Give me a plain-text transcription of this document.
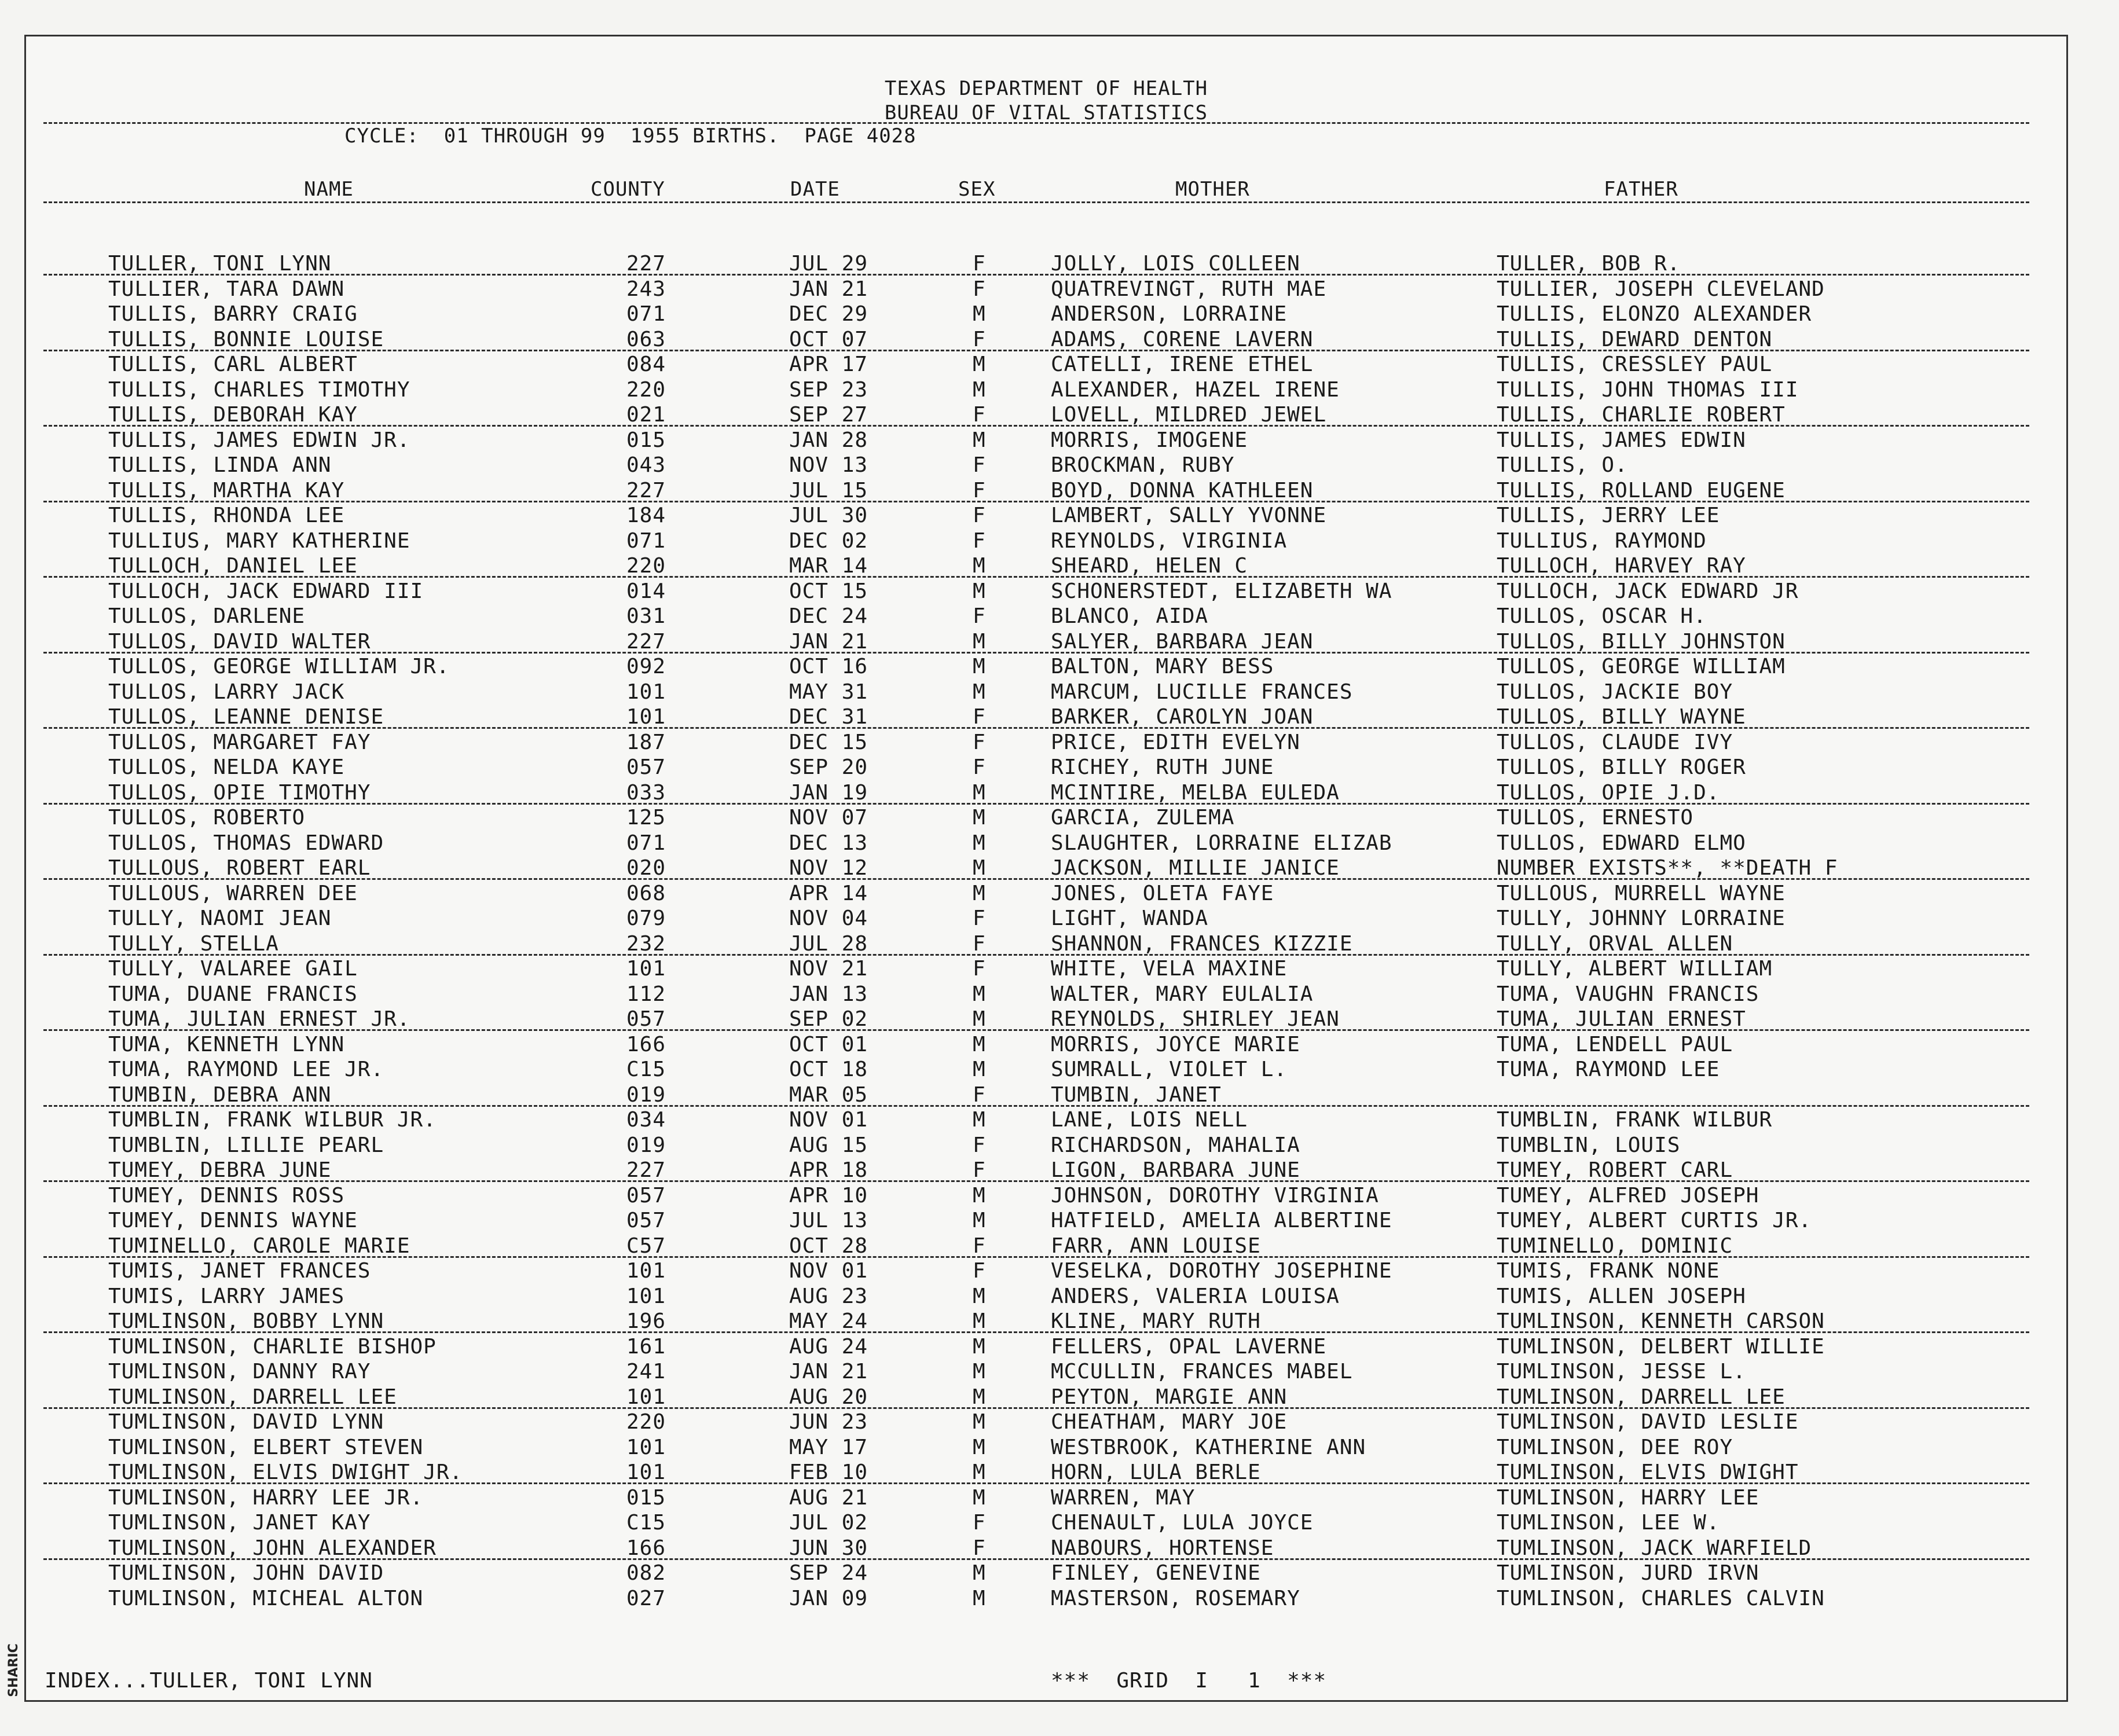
TEXAS DEPARTMENT OF HEALTH
BUREAU OF VITAL STATISTICS
CYCLE:  01 THROUGH 99  1955 BIRTHS.  PAGE 4028
NAME	COUNTY	DATE	SEX	MOTHER	FATHER
TULLER, TONI LYNN	227	JUL 29	F	JOLLY, LOIS COLLEEN	TULLER, BOB R.
TULLIER, TARA DAWN	243	JAN 21	F	QUATREVINGT, RUTH MAE	TULLIER, JOSEPH CLEVELAND
TULLIS, BARRY CRAIG	071	DEC 29	M	ANDERSON, LORRAINE	TULLIS, ELONZO ALEXANDER
TULLIS, BONNIE LOUISE	063	OCT 07	F	ADAMS, CORENE LAVERN	TULLIS, DEWARD DENTON
TULLIS, CARL ALBERT	084	APR 17	M	CATELLI, IRENE ETHEL	TULLIS, CRESSLEY PAUL
TULLIS, CHARLES TIMOTHY	220	SEP 23	M	ALEXANDER, HAZEL IRENE	TULLIS, JOHN THOMAS III
TULLIS, DEBORAH KAY	021	SEP 27	F	LOVELL, MILDRED JEWEL	TULLIS, CHARLIE ROBERT
TULLIS, JAMES EDWIN JR.	015	JAN 28	M	MORRIS, IMOGENE	TULLIS, JAMES EDWIN
TULLIS, LINDA ANN	043	NOV 13	F	BROCKMAN, RUBY	TULLIS, O.
TULLIS, MARTHA KAY	227	JUL 15	F	BOYD, DONNA KATHLEEN	TULLIS, ROLLAND EUGENE
TULLIS, RHONDA LEE	184	JUL 30	F	LAMBERT, SALLY YVONNE	TULLIS, JERRY LEE
TULLIUS, MARY KATHERINE	071	DEC 02	F	REYNOLDS, VIRGINIA	TULLIUS, RAYMOND
TULLOCH, DANIEL LEE	220	MAR 14	M	SHEARD, HELEN C	TULLOCH, HARVEY RAY
TULLOCH, JACK EDWARD III	014	OCT 15	M	SCHONERSTEDT, ELIZABETH WA	TULLOCH, JACK EDWARD JR
TULLOS, DARLENE	031	DEC 24	F	BLANCO, AIDA	TULLOS, OSCAR H.
TULLOS, DAVID WALTER	227	JAN 21	M	SALYER, BARBARA JEAN	TULLOS, BILLY JOHNSTON
TULLOS, GEORGE WILLIAM JR.	092	OCT 16	M	BALTON, MARY BESS	TULLOS, GEORGE WILLIAM
TULLOS, LARRY JACK	101	MAY 31	M	MARCUM, LUCILLE FRANCES	TULLOS, JACKIE BOY
TULLOS, LEANNE DENISE	101	DEC 31	F	BARKER, CAROLYN JOAN	TULLOS, BILLY WAYNE
TULLOS, MARGARET FAY	187	DEC 15	F	PRICE, EDITH EVELYN	TULLOS, CLAUDE IVY
TULLOS, NELDA KAYE	057	SEP 20	F	RICHEY, RUTH JUNE	TULLOS, BILLY ROGER
TULLOS, OPIE TIMOTHY	033	JAN 19	M	MCINTIRE, MELBA EULEDA	TULLOS, OPIE J.D.
TULLOS, ROBERTO	125	NOV 07	M	GARCIA, ZULEMA	TULLOS, ERNESTO
TULLOS, THOMAS EDWARD	071	DEC 13	M	SLAUGHTER, LORRAINE ELIZAB	TULLOS, EDWARD ELMO
TULLOUS, ROBERT EARL	020	NOV 12	M	JACKSON, MILLIE JANICE	NUMBER EXISTS**, **DEATH F
TULLOUS, WARREN DEE	068	APR 14	M	JONES, OLETA FAYE	TULLOUS, MURRELL WAYNE
TULLY, NAOMI JEAN	079	NOV 04	F	LIGHT, WANDA	TULLY, JOHNNY LORRAINE
TULLY, STELLA	232	JUL 28	F	SHANNON, FRANCES KIZZIE	TULLY, ORVAL ALLEN
TULLY, VALAREE GAIL	101	NOV 21	F	WHITE, VELA MAXINE	TULLY, ALBERT WILLIAM
TUMA, DUANE FRANCIS	112	JAN 13	M	WALTER, MARY EULALIA	TUMA, VAUGHN FRANCIS
TUMA, JULIAN ERNEST JR.	057	SEP 02	M	REYNOLDS, SHIRLEY JEAN	TUMA, JULIAN ERNEST
TUMA, KENNETH LYNN	166	OCT 01	M	MORRIS, JOYCE MARIE	TUMA, LENDELL PAUL
TUMA, RAYMOND LEE JR.	C15	OCT 18	M	SUMRALL, VIOLET L.	TUMA, RAYMOND LEE
TUMBIN, DEBRA ANN	019	MAR 05	F	TUMBIN, JANET
TUMBLIN, FRANK WILBUR JR.	034	NOV 01	M	LANE, LOIS NELL	TUMBLIN, FRANK WILBUR
TUMBLIN, LILLIE PEARL	019	AUG 15	F	RICHARDSON, MAHALIA	TUMBLIN, LOUIS
TUMEY, DEBRA JUNE	227	APR 18	F	LIGON, BARBARA JUNE	TUMEY, ROBERT CARL
TUMEY, DENNIS ROSS	057	APR 10	M	JOHNSON, DOROTHY VIRGINIA	TUMEY, ALFRED JOSEPH
TUMEY, DENNIS WAYNE	057	JUL 13	M	HATFIELD, AMELIA ALBERTINE	TUMEY, ALBERT CURTIS JR.
TUMINELLO, CAROLE MARIE	C57	OCT 28	F	FARR, ANN LOUISE	TUMINELLO, DOMINIC
TUMIS, JANET FRANCES	101	NOV 01	F	VESELKA, DOROTHY JOSEPHINE	TUMIS, FRANK NONE
TUMIS, LARRY JAMES	101	AUG 23	M	ANDERS, VALERIA LOUISA	TUMIS, ALLEN JOSEPH
TUMLINSON, BOBBY LYNN	196	MAY 24	M	KLINE, MARY RUTH	TUMLINSON, KENNETH CARSON
TUMLINSON, CHARLIE BISHOP	161	AUG 24	M	FELLERS, OPAL LAVERNE	TUMLINSON, DELBERT WILLIE
TUMLINSON, DANNY RAY	241	JAN 21	M	MCCULLIN, FRANCES MABEL	TUMLINSON, JESSE L.
TUMLINSON, DARRELL LEE	101	AUG 20	M	PEYTON, MARGIE ANN	TUMLINSON, DARRELL LEE
TUMLINSON, DAVID LYNN	220	JUN 23	M	CHEATHAM, MARY JOE	TUMLINSON, DAVID LESLIE
TUMLINSON, ELBERT STEVEN	101	MAY 17	M	WESTBROOK, KATHERINE ANN	TUMLINSON, DEE ROY
TUMLINSON, ELVIS DWIGHT JR.	101	FEB 10	M	HORN, LULA BERLE	TUMLINSON, ELVIS DWIGHT
TUMLINSON, HARRY LEE JR.	015	AUG 21	M	WARREN, MAY	TUMLINSON, HARRY LEE
TUMLINSON, JANET KAY	C15	JUL 02	F	CHENAULT, LULA JOYCE	TUMLINSON, LEE W.
TUMLINSON, JOHN ALEXANDER	166	JUN 30	F	NABOURS, HORTENSE	TUMLINSON, JACK WARFIELD
TUMLINSON, JOHN DAVID	082	SEP 24	M	FINLEY, GENEVINE	TUMLINSON, JURD IRVN
TUMLINSON, MICHEAL ALTON	027	JAN 09	M	MASTERSON, ROSEMARY	TUMLINSON, CHARLES CALVIN
INDEX...TULLER, TONI LYNN	***  GRID  I   1  ***
SHARIC
